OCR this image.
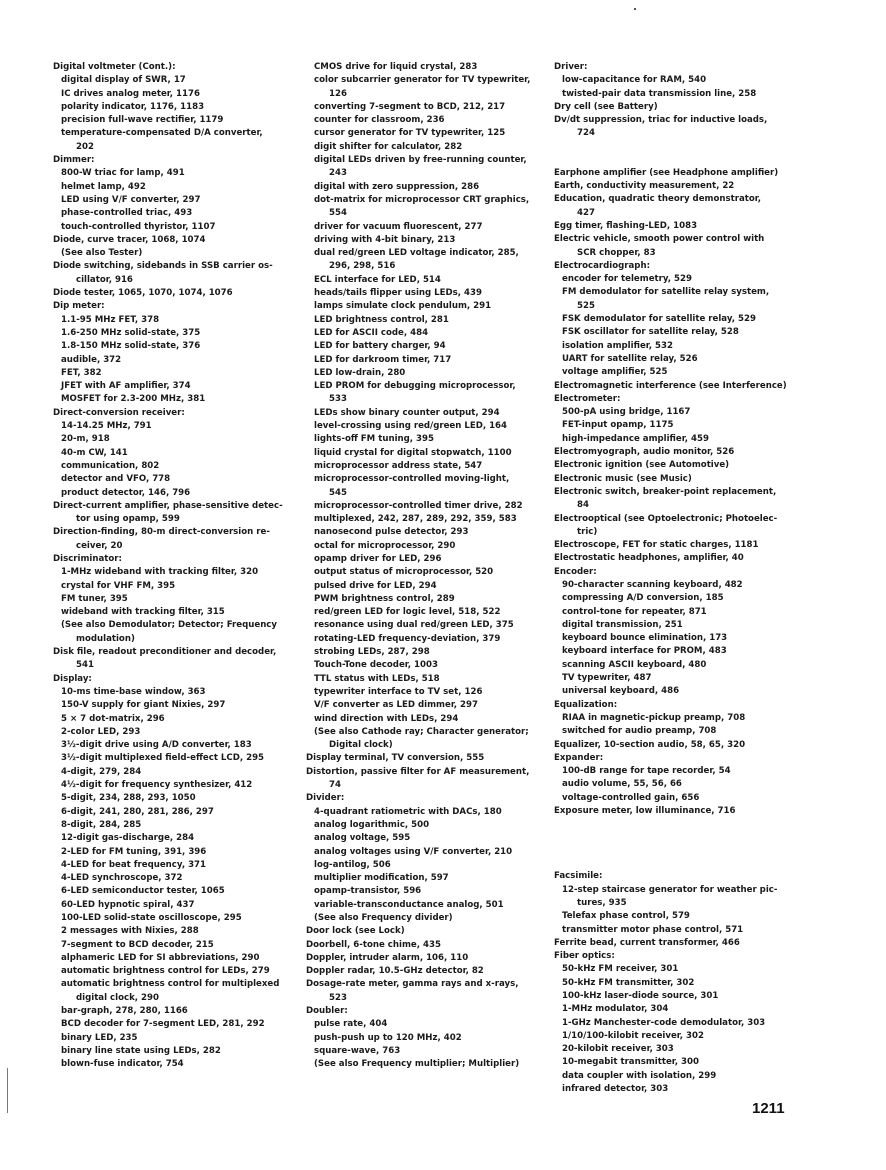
Digital voltmeter (Cont.):
digital display of SWR, 17
IC drives analog meter, 1176
polarity indicator, 1176, 1183
precision full-wave rectifier, 1179
temperature-compensated D/A converter,
202
Dimmer:
800-W triac for lamp, 491
helmet lamp, 492
LED using V/F converter, 297
phase-controlled triac, 493
touch-controlled thyristor, 1107
Diode, curve tracer, 1068, 1074
(See also Tester)
Diode switching, sidebands in SSB carrier os-
cillator, 916
Diode tester, 1065, 1070, 1074, 1076
Dip meter:
1.1-95 MHz FET, 378
1.6-250 MHz solid-state, 375
1.8-150 MHz solid-state, 376
audible, 372
FET, 382
JFET with AF amplifier, 374
MOSFET for 2.3-200 MHz, 381
Direct-conversion receiver:
14-14.25 MHz, 791
20-m, 918
40-m CW, 141
communication, 802
detector and VFO, 778
product detector, 146, 796
Direct-current amplifier, phase-sensitive detec-
tor using opamp, 599
Direction-finding, 80-m direct-conversion re-
ceiver, 20
Discriminator:
1-MHz wideband with tracking filter, 320
crystal for VHF FM, 395
FM tuner, 395
wideband with tracking filter, 315
(See also Demodulator; Detector; Frequency
modulation)
Disk file, readout preconditioner and decoder,
541
Display:
10-ms time-base window, 363
150-V supply for giant Nixies, 297
5 × 7 dot-matrix, 296
2-color LED, 293
3½-digit drive using A/D converter, 183
3½-digit multiplexed field-effect LCD, 295
4-digit, 279, 284
4½-digit for frequency synthesizer, 412
5-digit, 234, 288, 293, 1050
6-digit, 241, 280, 281, 286, 297
8-digit, 284, 285
12-digit gas-discharge, 284
2-LED for FM tuning, 391, 396
4-LED for beat frequency, 371
4-LED synchroscope, 372
6-LED semiconductor tester, 1065
60-LED hypnotic spiral, 437
100-LED solid-state oscilloscope, 295
2 messages with Nixies, 288
7-segment to BCD decoder, 215
alphameric LED for SI abbreviations, 290
automatic brightness control for LEDs, 279
automatic brightness control for multiplexed
digital clock, 290
bar-graph, 278, 280, 1166
BCD decoder for 7-segment LED, 281, 292
binary LED, 235
binary line state using LEDs, 282
blown-fuse indicator, 754
CMOS drive for liquid crystal, 283
color subcarrier generator for TV typewriter,
126
converting 7-segment to BCD, 212, 217
counter for classroom, 236
cursor generator for TV typewriter, 125
digit shifter for calculator, 282
digital LEDs driven by free-running counter,
243
digital with zero suppression, 286
dot-matrix for microprocessor CRT graphics,
554
driver for vacuum fluorescent, 277
driving with 4-bit binary, 213
dual red/green LED voltage indicator, 285,
296, 298, 516
ECL interface for LED, 514
heads/tails flipper using LEDs, 439
lamps simulate clock pendulum, 291
LED brightness control, 281
LED for ASCII code, 484
LED for battery charger, 94
LED for darkroom timer, 717
LED low-drain, 280
LED PROM for debugging microprocessor,
533
LEDs show binary counter output, 294
level-crossing using red/green LED, 164
lights-off FM tuning, 395
liquid crystal for digital stopwatch, 1100
microprocessor address state, 547
microprocessor-controlled moving-light,
545
microprocessor-controlled timer drive, 282
multiplexed, 242, 287, 289, 292, 359, 583
nanosecond pulse detector, 293
octal for microprocessor, 290
opamp driver for LED, 296
output status of microprocessor, 520
pulsed drive for LED, 294
PWM brightness control, 289
red/green LED for logic level, 518, 522
resonance using dual red/green LED, 375
rotating-LED frequency-deviation, 379
strobing LEDs, 287, 298
Touch-Tone decoder, 1003
TTL status with LEDs, 518
typewriter interface to TV set, 126
V/F converter as LED dimmer, 297
wind direction with LEDs, 294
(See also Cathode ray; Character generator;
Digital clock)
Display terminal, TV conversion, 555
Distortion, passive filter for AF measurement,
74
Divider:
4-quadrant ratiometric with DACs, 180
analog logarithmic, 500
analog voltage, 595
analog voltages using V/F converter, 210
log-antilog, 506
multiplier modification, 597
opamp-transistor, 596
variable-transconductance analog, 501
(See also Frequency divider)
Door lock (see Lock)
Doorbell, 6-tone chime, 435
Doppler, intruder alarm, 106, 110
Doppler radar, 10.5-GHz detector, 82
Dosage-rate meter, gamma rays and x-rays,
523
Doubler:
pulse rate, 404
push-push up to 120 MHz, 402
square-wave, 763
(See also Frequency multiplier; Multiplier)
Driver:
low-capacitance for RAM, 540
twisted-pair data transmission line, 258
Dry cell (see Battery)
Dv/dt suppression, triac for inductive loads,
724
Earphone amplifier (see Headphone amplifier)
Earth, conductivity measurement, 22
Education, quadratic theory demonstrator,
427
Egg timer, flashing-LED, 1083
Electric vehicle, smooth power control with
SCR chopper, 83
Electrocardiograph:
encoder for telemetry, 529
FM demodulator for satellite relay system,
525
FSK demodulator for satellite relay, 529
FSK oscillator for satellite relay, 528
isolation amplifier, 532
UART for satellite relay, 526
voltage amplifier, 525
Electromagnetic interference (see Interference)
Electrometer:
500-pA using bridge, 1167
FET-input opamp, 1175
high-impedance amplifier, 459
Electromyograph, audio monitor, 526
Electronic ignition (see Automotive)
Electronic music (see Music)
Electronic switch, breaker-point replacement,
84
Electrooptical (see Optoelectronic; Photoelec-
tric)
Electroscope, FET for static charges, 1181
Electrostatic headphones, amplifier, 40
Encoder:
90-character scanning keyboard, 482
compressing A/D conversion, 185
control-tone for repeater, 871
digital transmission, 251
keyboard bounce elimination, 173
keyboard interface for PROM, 483
scanning ASCII keyboard, 480
TV typewriter, 487
universal keyboard, 486
Equalization:
RIAA in magnetic-pickup preamp, 708
switched for audio preamp, 708
Equalizer, 10-section audio, 58, 65, 320
Expander:
100-dB range for tape recorder, 54
audio volume, 55, 56, 66
voltage-controlled gain, 656
Exposure meter, low illuminance, 716
Facsimile:
12-step staircase generator for weather pic-
tures, 935
Telefax phase control, 579
transmitter motor phase control, 571
Ferrite bead, current transformer, 466
Fiber optics:
50-kHz FM receiver, 301
50-kHz FM transmitter, 302
100-kHz laser-diode source, 301
1-MHz modulator, 304
1-GHz Manchester-code demodulator, 303
1/10/100-kilobit receiver, 302
20-kilobit receiver, 303
10-megabit transmitter, 300
data coupler with isolation, 299
infrared detector, 303
1211
